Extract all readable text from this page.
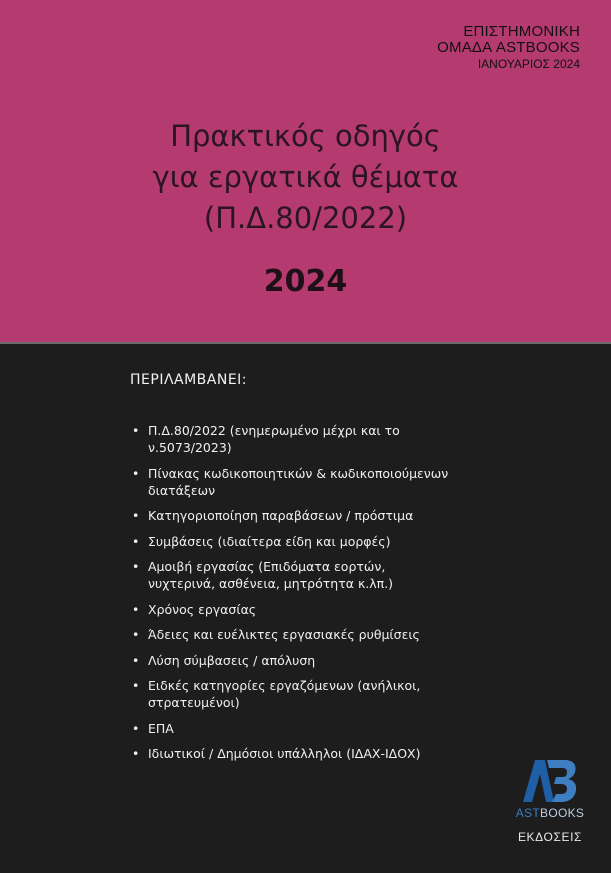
ΕΠΙΣΤΗΜΟΝΙΚΗ
ΟΜΑΔΑ ASTBOOKS
ΙΑΝΟΥΑΡΙΟΣ 2024
Πρακτικός οδηγός
για εργατικά θέματα
(Π.Δ.80/2022)
2024
ΠΕΡΙΛΑΜΒΑΝΕΙ:
• Π.Δ.80/2022 (ενημερωμένο μέχρι και το ν.5073/2023)
• Πίνακας κωδικοποιητικών & κωδικοποιούμενων διατάξεων
• Κατηγοριοποίηση παραβάσεων / πρόστιμα
• Συμβάσεις (ιδιαίτερα είδη και μορφές)
• Αμοιβή εργασίας (Επιδόματα εορτών, νυχτερινά, ασθένεια, μητρότητα κ.λπ.)
• Χρόνος εργασίας
• Άδειες και ευέλικτες εργασιακές ρυθμίσεις
• Λύση σύμβασεις / απόλυση
• Ειδκές κατηγορίες εργαζόμενων (ανήλικοι, στρατευμένοι)
• ΕΠΑ
• Ιδιωτικοί / Δημόσιοι υπάλληλοι (ΙΔΑΧ-ΙΔΟΧ)
ASTBOOKS
ΕΚΔΟΣΕΙΣ
